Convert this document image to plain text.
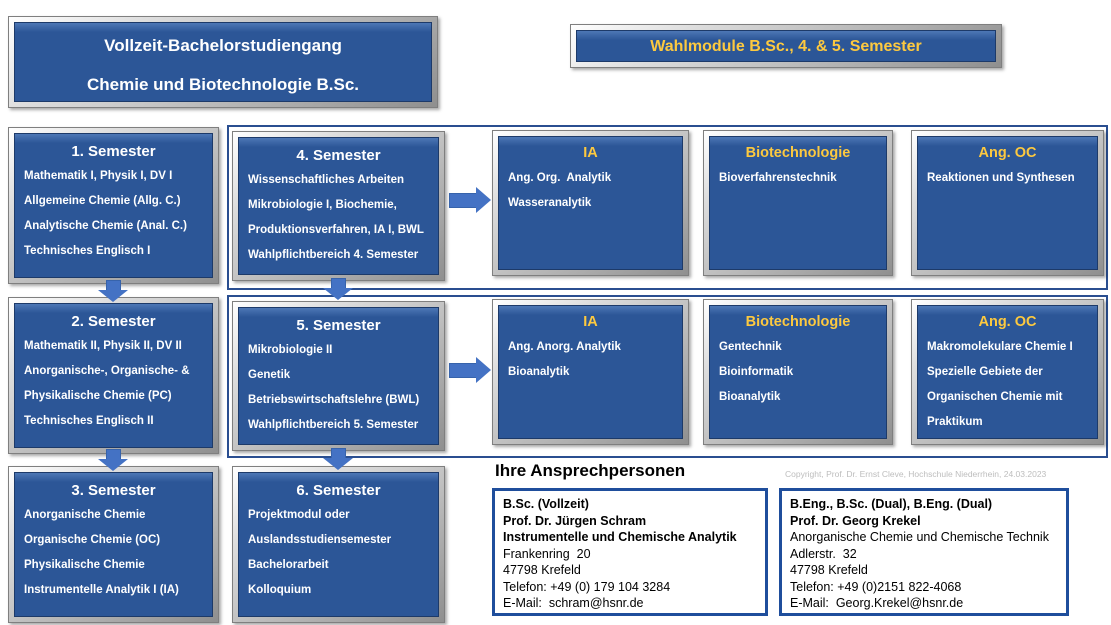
Vollzeit-Bachelorstudiengang
Chemie und Biotechnologie B.Sc.
Wahlmodule B.Sc., 4. & 5. Semester
1. Semester
Mathematik I, Physik I, DV I
Allgemeine Chemie (Allg. C.)
Analytische Chemie (Anal. C.)
Technisches Englisch I
2. Semester
Mathematik II, Physik II, DV II
Anorganische-, Organische- &
Physikalische Chemie (PC)
Technisches Englisch II
3. Semester
Anorganische Chemie
Organische Chemie (OC)
Physikalische Chemie
Instrumentelle Analytik I (IA)
4. Semester
Wissenschaftliches Arbeiten
Mikrobiologie I, Biochemie,
Produktionsverfahren, IA I, BWL
Wahlpflichtbereich 4. Semester
5. Semester
Mikrobiologie II
Genetik
Betriebswirtschaftslehre (BWL)
Wahlpflichtbereich 5. Semester
6. Semester
Projektmodul oder
Auslandsstudiensemester
Bachelorarbeit
Kolloquium
IA
Ang. Org.  Analytik
Wasseranalytik
Biotechnologie
Bioverfahrenstechnik
Ang. OC
Reaktionen und Synthesen
IA
Ang. Anorg. Analytik
Bioanalytik
Biotechnologie
Gentechnik
Bioinformatik
Bioanalytik
Ang. OC
Makromolekulare Chemie I
Spezielle Gebiete der
Organischen Chemie mit
Praktikum
Ihre Ansprechpersonen	Copyright, Prof. Dr. Ernst Cleve, Hochschule Niederrhein, 24.03.2023
B.Sc. (Vollzeit)
Prof. Dr. Jürgen Schram
Instrumentelle und Chemische Analytik
Frankenring  20
47798 Krefeld
Telefon: +49 (0) 179 104 3284
E-Mail:  schram@hsnr.de
B.Eng., B.Sc. (Dual), B.Eng. (Dual)
Prof. Dr. Georg Krekel
Anorganische Chemie und Chemische Technik
Adlerstr.  32
47798 Krefeld
Telefon: +49 (0)2151 822-4068
E-Mail:  Georg.Krekel@hsnr.de
